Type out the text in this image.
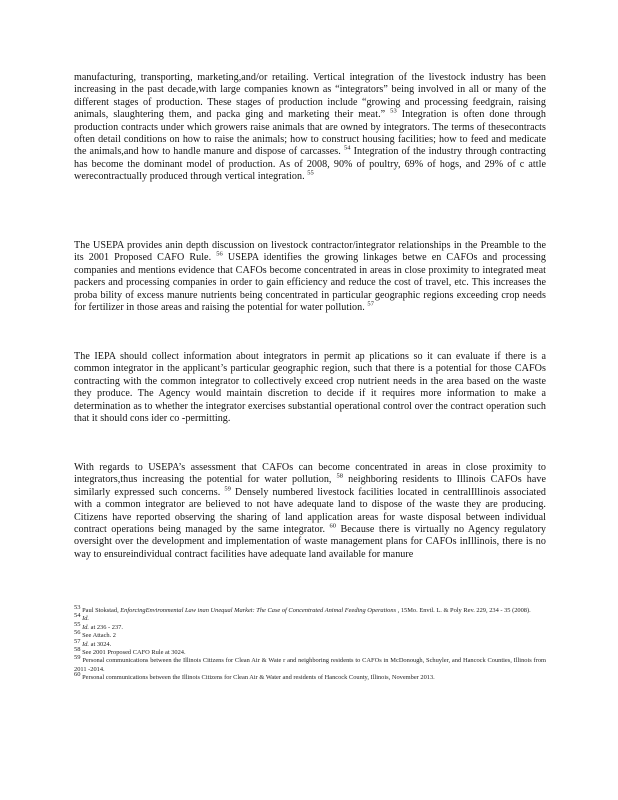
manufacturing, transporting, marketing,and/or retailing. Vertical integration of the livestock industry has been increasing in the past decade,with large companies known as “integrators” being involved in all or many of the different stages of production. These stages of production include “growing and processing feedgrain, raising animals, slaughtering them, and packa ging and marketing their meat.” $^{53}$ Integration is often done through production contracts under which growers raise animals that are owned by integrators. The terms of thesecontracts often detail conditions on how to raise the animals; how to construct housing facilities; how to feed and medicate the animals,and how to handle manure and dispose of carcasses. $^{54}$ Integration of the industry through contracting has become the dominant model of production. As of 2008, 90% of poultry, 69% of hogs, and 29% of c attle werecontractually produced through vertical integration. $^{55}$

The USEPA provides anin depth discussion on livestock contractor/integrator relationships in the Preamble to the its 2001 Proposed CAFO Rule. $^{56}$ USEPA identifies the growing linkages betwe en CAFOs and processing companies and mentions evidence that CAFOs become concentrated in areas in close proximity to integrated meat packers and processing companies in order to gain efficiency and reduce the cost of travel, etc. This increases the proba bility of excess manure nutrients being concentrated in particular geographic regions exceeding crop needs for fertilizer in those areas and raising the potential for water pollution. $^{57}$

The IEPA should collect information about integrators in permit ap plications so it can evaluate if there is a common integrator in the applicant’s particular geographic region, such that there is a potential for those CAFOs contracting with the common integrator to collectively exceed crop nutrient needs in the area based on the waste they produce. The Agency would maintain discretion to decide if it requires more information to make a determination as to whether the integrator exercises substantial operational control over the contract operation such that it should cons ider co -permitting.

With regards to USEPA’s assessment that CAFOs can become concentrated in areas in close proximity to integrators,thus increasing the potential for water pollution, $^{58}$ neighboring residents to Illinois CAFOs have similarly expressed such concerns. $^{59}$ Densely numbered livestock facilities located in centralIllinois associated with a common integrator are believed to not have adequate land to dispose of the waste they are producing. Citizens have reported observing the sharing of land application areas for waste disposal between individual contract operations being managed by the same integrator. $^{60}$ Because there is virtually no Agency regulatory oversight over the development and implementation of waste management plans for CAFOs inIllinois, there is no way to ensureindividual contract facilities have adequate land available for manure

$^{53}$ Paul Stokstad, EnforcingEnvironmental Law inan Unequal Market: The Case of Concentrated Animal Feeding Operations , 15Mo. Envtl. L. & Poly Rev. 229, 234 - 35 (2008).

$^{54}$ Id.

$^{55}$ Id. at 236 - 237.

$^{56}$ See Attach. 2

$^{57}$ Id. at 3024.

$^{58}$ See 2001 Proposed CAFO Rule at 3024.

$^{59}$ Personal communications between the Illinois Citizens for Clean Air & Wate r and neighboring residents to CAFOs in McDonough, Schuyler, and Hancock Counties, Illinois from 2011 -2014.

$^{60}$ Personal communications between the Illinois Citizens for Clean Air & Water and residents of Hancock County, Illinois, November 2013.
